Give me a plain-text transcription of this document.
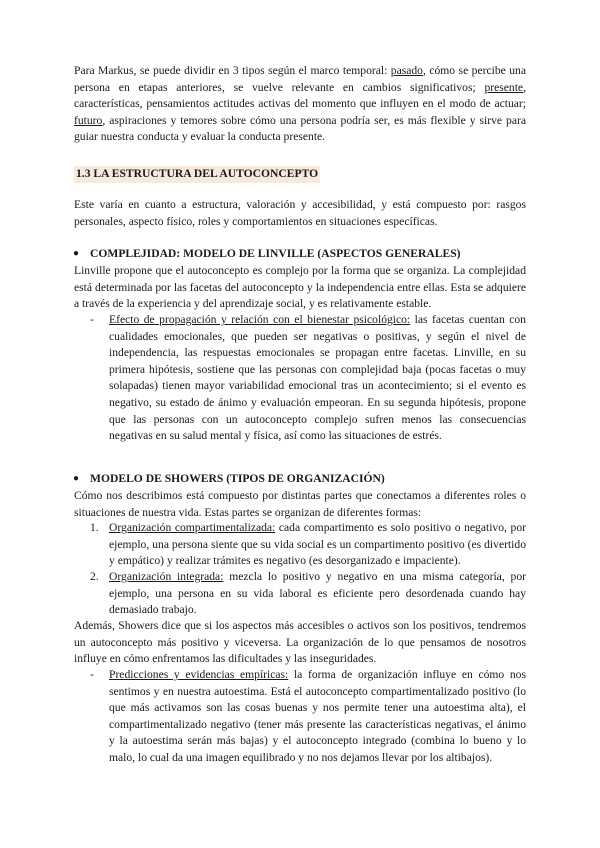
Para Markus, se puede dividir en 3 tipos según el marco temporal: pasado, cómo se percibe una persona en etapas anteriores, se vuelve relevante en cambios significativos; presente, características, pensamientos actitudes activas del momento que influyen en el modo de actuar; futuro, aspiraciones y temores sobre cómo una persona podría ser, es más flexible y sirve para guiar nuestra conducta y evaluar la conducta presente.

1.3 LA ESTRUCTURA DEL AUTOCONCEPTO

Este varía en cuanto a estructura, valoración y accesibilidad, y está compuesto por: rasgos personales, aspecto físico, roles y comportamientos en situaciones específicas.

● COMPLEJIDAD: MODELO DE LINVILLE (ASPECTOS GENERALES)

Linville propone que el autoconcepto es complejo por la forma que se organiza. La complejidad está determinada por las facetas del autoconcepto y la independencia entre ellas. Esta se adquiere a través de la experiencia y del aprendizaje social, y es relativamente estable.

- Efecto de propagación y relación con el bienestar psicológico: las facetas cuentan con cualidades emocionales, que pueden ser negativas o positivas, y según el nivel de independencia, las respuestas emocionales se propagan entre facetas. Linville, en su primera hipótesis, sostiene que las personas con complejidad baja (pocas facetas o muy solapadas) tienen mayor variabilidad emocional tras un acontecimiento; si el evento es negativo, su estado de ánimo y evaluación empeoran. En su segunda hipótesis, propone que las personas con un autoconcepto complejo sufren menos las consecuencias negativas en su salud mental y física, así como las situaciones de estrés.

● MODELO DE SHOWERS (TIPOS DE ORGANIZACIÓN)

Cómo nos describimos está compuesto por distintas partes que conectamos a diferentes roles o situaciones de nuestra vida. Estas partes se organizan de diferentes formas:

1. Organización compartimentalizada: cada compartimento es solo positivo o negativo, por ejemplo, una persona siente que su vida social es un compartimento positivo (es divertido y empático) y realizar trámites es negativo (es desorganizado e impaciente).

2. Organización integrada: mezcla lo positivo y negativo en una misma categoría, por ejemplo, una persona en su vida laboral es eficiente pero desordenada cuando hay demasiado trabajo.

Además, Showers dice que si los aspectos más accesibles o activos son los positivos, tendremos un autoconcepto más positivo y viceversa. La organización de lo que pensamos de nosotros influye en cómo enfrentamos las dificultades y las inseguridades.

- Predicciones y evidencias empíricas: la forma de organización influye en cómo nos sentimos y en nuestra autoestima. Está el autoconcepto compartimentalizado positivo (lo que más activamos son las cosas buenas y nos permite tener una autoestima alta), el compartimentalizado negativo (tener más presente las características negativas, el ánimo y la autoestima serán más bajas) y el autoconcepto integrado (combina lo bueno y lo malo, lo cual da una imagen equilibrado y no nos dejamos llevar por los altibajos).
